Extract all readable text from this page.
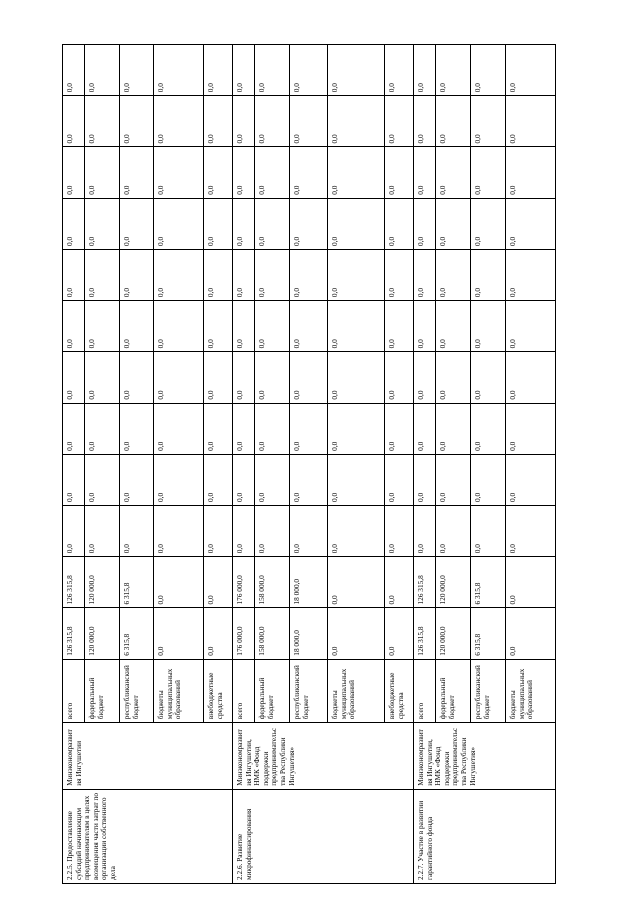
2.2.5. Предоставление субсидий начинающим предпринимателям в целях возмещения части затрат по организации собственного дела	Минэкономразвития Ингушетии	всего	126 315,8	126 315,8	0,0	0,0	0,0	0,0	0,0	0,0	0,0	0,0	0,0	0,0
		федеральный бюджет	120 000,0	120 000,0	0,0	0,0	0,0	0,0	0,0	0,0	0,0	0,0	0,0	0,0
		республиканский бюджет	6 315,8	6 315,8	0,0	0,0	0,0	0,0	0,0	0,0	0,0	0,0	0,0	0,0
		бюджеты муниципальных образований	0,0	0,0	0,0	0,0	0,0	0,0	0,0	0,0	0,0	0,0	0,0	0,0
		внебюджетные средства	0,0	0,0	0,0	0,0	0,0	0,0	0,0	0,0	0,0	0,0	0,0	0,0
2.2.6. Развитие микрофинансирования	Минэкономразвития Ингушетии, НМК «Фонд поддержки предпринимательства Республики Ингушетия»	всего	176 000,0	176 000,0	0,0	0,0	0,0	0,0	0,0	0,0	0,0	0,0	0,0	0,0
		федеральный бюджет	158 000,0	158 000,0	0,0	0,0	0,0	0,0	0,0	0,0	0,0	0,0	0,0	0,0
		республиканский бюджет	18 000,0	18 000,0	0,0	0,0	0,0	0,0	0,0	0,0	0,0	0,0	0,0	0,0
		бюджеты муниципальных образований	0,0	0,0	0,0	0,0	0,0	0,0	0,0	0,0	0,0	0,0	0,0	0,0
		внебюджетные средства	0,0	0,0	0,0	0,0	0,0	0,0	0,0	0,0	0,0	0,0	0,0	0,0
2.2.7. Участие в развитии гарантийного фонда	Минэкономразвития Ингушетии, НМК «Фонд поддержки предпринимательства Республики Ингушетия»	всего	126 315,8	126 315,8	0,0	0,0	0,0	0,0	0,0	0,0	0,0	0,0	0,0	0,0
		федеральный бюджет	120 000,0	120 000,0	0,0	0,0	0,0	0,0	0,0	0,0	0,0	0,0	0,0	0,0
		республиканский бюджет	6 315,8	6 315,8	0,0	0,0	0,0	0,0	0,0	0,0	0,0	0,0	0,0	0,0
		бюджеты муниципальных образований	0,0	0,0	0,0	0,0	0,0	0,0	0,0	0,0	0,0	0,0	0,0	0,0
